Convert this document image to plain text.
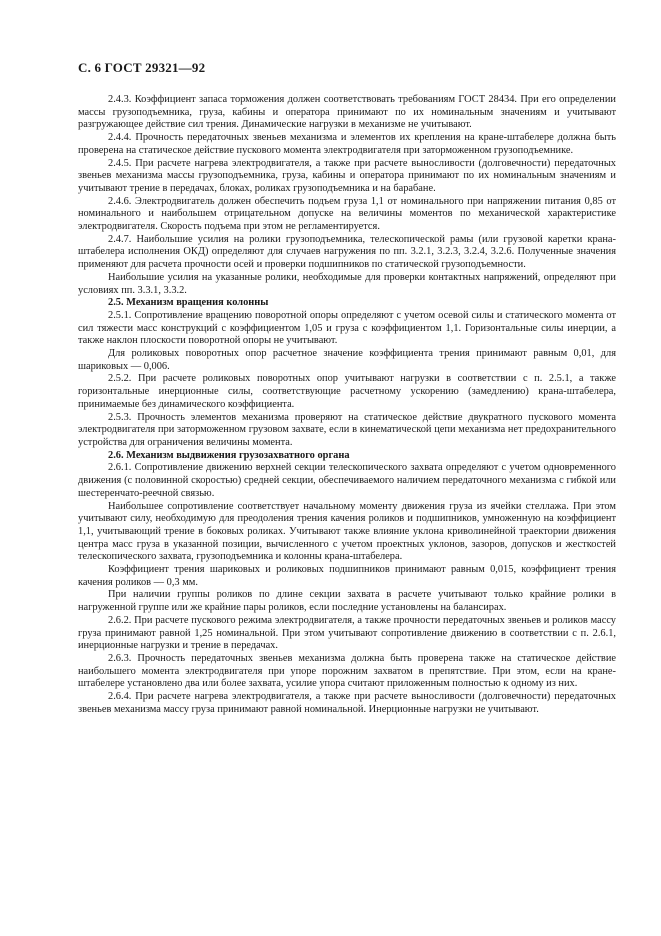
С. 6 ГОСТ 29321—92

2.4.3. Коэффициент запаса торможения должен соответствовать требованиям ГОСТ 28434. При его определении массы грузоподъемника, груза, кабины и оператора принимают по их номинальным значениям и учитывают разгружающее действие сил трения. Динамические нагрузки в механизме не учитывают.

2.4.4. Прочность передаточных звеньев механизма и элементов их крепления на кране-штабелере должна быть проверена на статическое действие пускового момента электродвигателя при заторможенном грузоподъемнике.

2.4.5. При расчете нагрева электродвигателя, а также при расчете выносливости (долговечности) передаточных звеньев механизма массы грузоподъемника, груза, кабины и оператора принимают по их номинальным значениям и учитывают трение в передачах, блоках, роликах грузоподъемника и на барабане.

2.4.6. Электродвигатель должен обеспечить подъем груза 1,1 от номинального при напряжении питания 0,85 от номинального и наибольшем отрицательном допуске на величины моментов по механической характеристике электродвигателя. Скорость подъема при этом не регламентируется.

2.4.7. Наибольшие усилия на ролики грузоподъемника, телескопической рамы (или грузовой каретки крана-штабелера исполнения ОКД) определяют для случаев нагружения по пп. 3.2.1, 3.2.3, 3.2.4, 3.2.6. Полученные значения применяют для расчета прочности осей и проверки подшипников по статической грузоподъемности.

Наибольшие усилия на указанные ролики, необходимые для проверки контактных напряжений, определяют при условиях пп. 3.3.1, 3.3.2.

2.5. Механизм вращения колонны

2.5.1. Сопротивление вращению поворотной опоры определяют с учетом осевой силы и статического момента от сил тяжести масс конструкций с коэффициентом 1,05 и груза с коэффициентом 1,1. Горизонтальные силы инерции, а также наклон плоскости поворотной опоры не учитывают.

Для роликовых поворотных опор расчетное значение коэффициента трения принимают равным 0,01, для шариковых — 0,006.

2.5.2. При расчете роликовых поворотных опор учитывают нагрузки в соответствии с п. 2.5.1, а также горизонтальные инерционные силы, соответствующие расчетному ускорению (замедлению) крана-штабелера, принимаемые без динамического коэффициента.

2.5.3. Прочность элементов механизма проверяют на статическое действие двукратного пускового момента электродвигателя при заторможенном грузовом захвате, если в кинематической цепи механизма нет предохранительного устройства для ограничения величины момента.

2.6. Механизм выдвижения грузозахватного органа

2.6.1. Сопротивление движению верхней секции телескопического захвата определяют с учетом одновременного движения (с половинной скоростью) средней секции, обеспечиваемого наличием передаточного механизма с гибкой или шестеренчато-реечной связью.

Наибольшее сопротивление соответствует начальному моменту движения груза из ячейки стеллажа. При этом учитывают силу, необходимую для преодоления трения качения роликов и подшипников, умноженную на коэффициент 1,1, учитывающий трение в боковых роликах. Учитывают также влияние уклона криволинейной траектории движения центра масс груза в указанной позиции, вычисленного с учетом проектных уклонов, зазоров, допусков и жесткостей телескопического захвата, грузоподъемника и колонны крана-штабелера.

Коэффициент трения шариковых и роликовых подшипников принимают равным 0,015, коэффициент трения качения роликов — 0,3 мм.

При наличии группы роликов по длине секции захвата в расчете учитывают только крайние ролики в нагруженной группе или же крайние пары роликов, если последние установлены на балансирах.

2.6.2. При расчете пускового режима электродвигателя, а также прочности передаточных звеньев и роликов массу груза принимают равной 1,25 номинальной. При этом учитывают сопротивление движению в соответствии с п. 2.6.1, инерционные нагрузки и трение в передачах.

2.6.3. Прочность передаточных звеньев механизма должна быть проверена также на статическое действие наибольшего момента электродвигателя при упоре порожним захватом в препятствие. При этом, если на кране-штабелере установлено два или более захвата, усилие упора считают приложенным полностью к одному из них.

2.6.4. При расчете нагрева электродвигателя, а также при расчете выносливости (долговечности) передаточных звеньев механизма массу груза принимают равной номинальной. Инерционные нагрузки не учитывают.
